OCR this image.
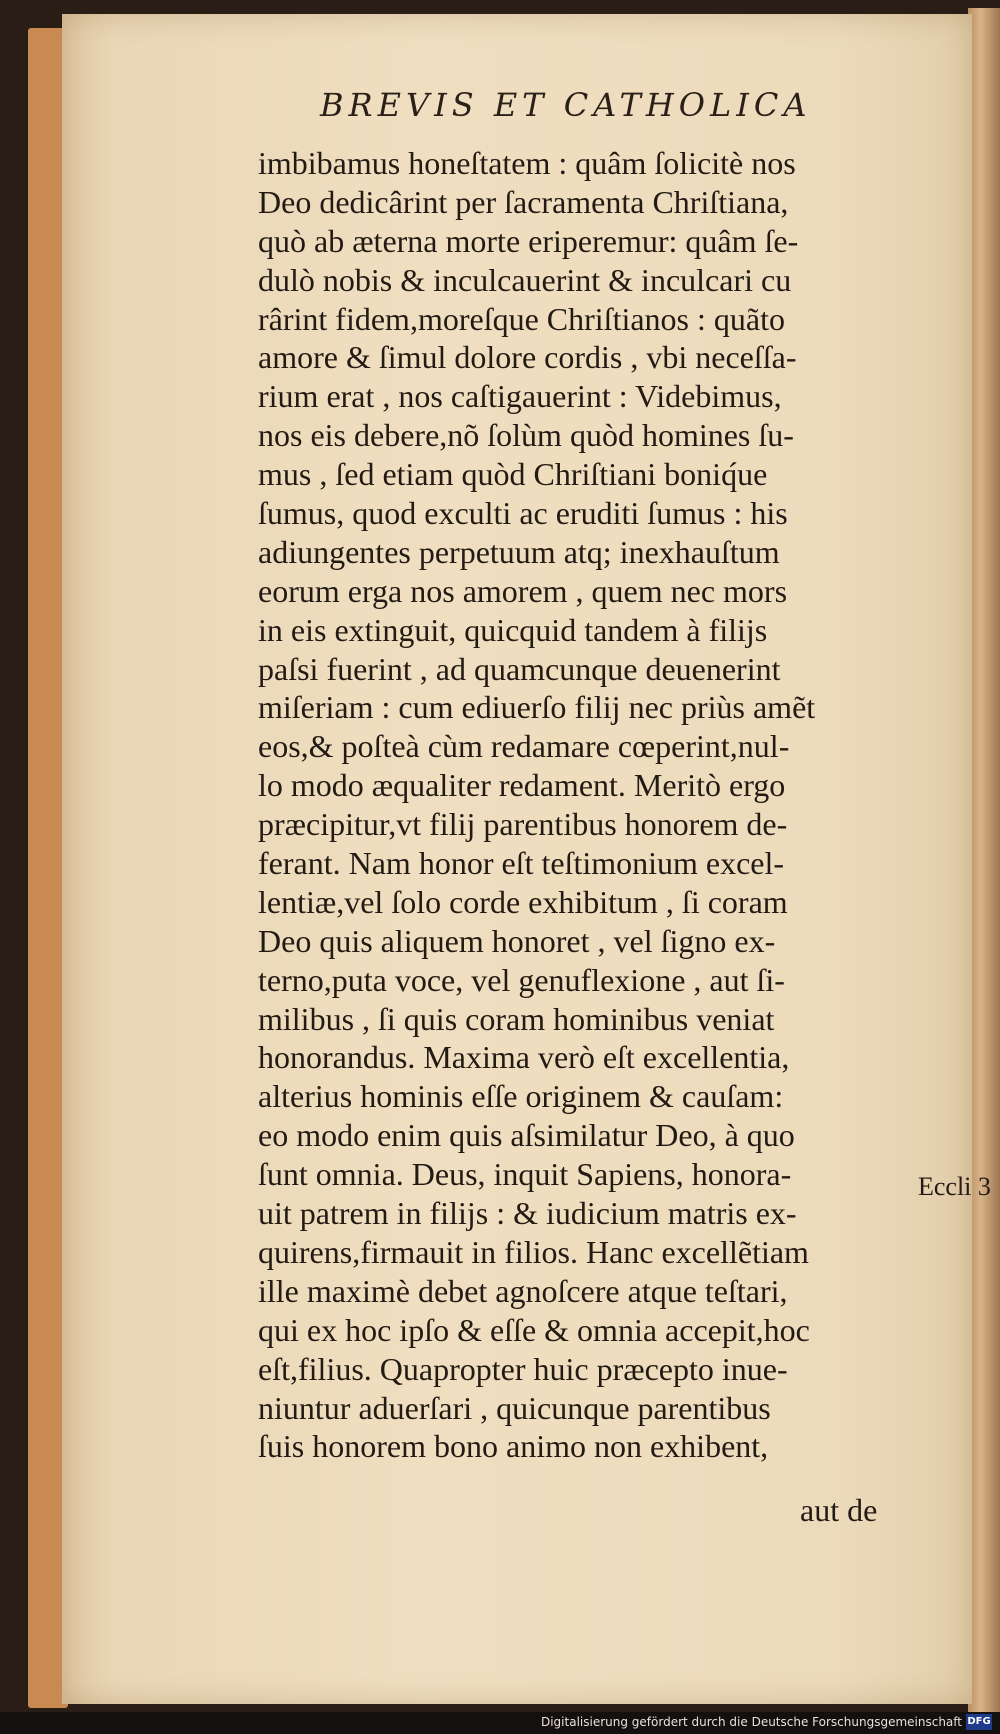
BREVIS ET CATHOLICA
imbibamus honeſtatem : quâm ſolicitè nos
Deo dedicârint per ſacramenta Chriſtiana,
quò ab æterna morte eriperemur: quâm ſe-
dulò nobis & inculcauerint & inculcari cu
rârint fidem,moreſque Chriſtianos : quãto
amore & ſimul dolore cordis , vbi neceſſa-
rium erat , nos caſtigauerint : Videbimus,
nos eis debere,nõ ſolùm quòd homines ſu-
mus , ſed etiam quòd Chriſtiani boniq́ue
ſumus, quod exculti ac eruditi ſumus : his
adiungentes perpetuum atq; inexhauſtum
eorum erga nos amorem , quem nec mors
in eis extinguit, quicquid tandem à filijs
paſsi fuerint , ad quamcunque deuenerint
miſeriam : cum ediuerſo filij nec priùs amẽt
eos,& poſteà cùm redamare cœperint,nul-
lo modo æqualiter redament. Meritò ergo
præcipitur,vt filij parentibus honorem de-
ferant. Nam honor eſt teſtimonium excel-
lentiæ,vel ſolo corde exhibitum , ſi coram
Deo quis aliquem honoret , vel ſigno ex-
terno,puta voce, vel genuflexione , aut ſi-
milibus , ſi quis coram hominibus veniat
honorandus. Maxima verò eſt excellentia,
alterius hominis eſſe originem & cauſam:
eo modo enim quis aſsimilatur Deo, à quo
ſunt omnia. Deus, inquit Sapiens, honora-
uit patrem in filijs : & iudicium matris ex-
quirens,firmauit in filios. Hanc excellẽtiam
ille maximè debet agnoſcere atque teſtari,
qui ex hoc ipſo & eſſe & omnia accepit,hoc
eſt,filius. Quapropter huic præcepto inue-
niuntur aduerſari , quicunque parentibus
ſuis honorem bono animo non exhibent,
Eccli 3
aut de
Digitalisierung gefördert durch die Deutsche Forschungsgemeinschaft DFG
